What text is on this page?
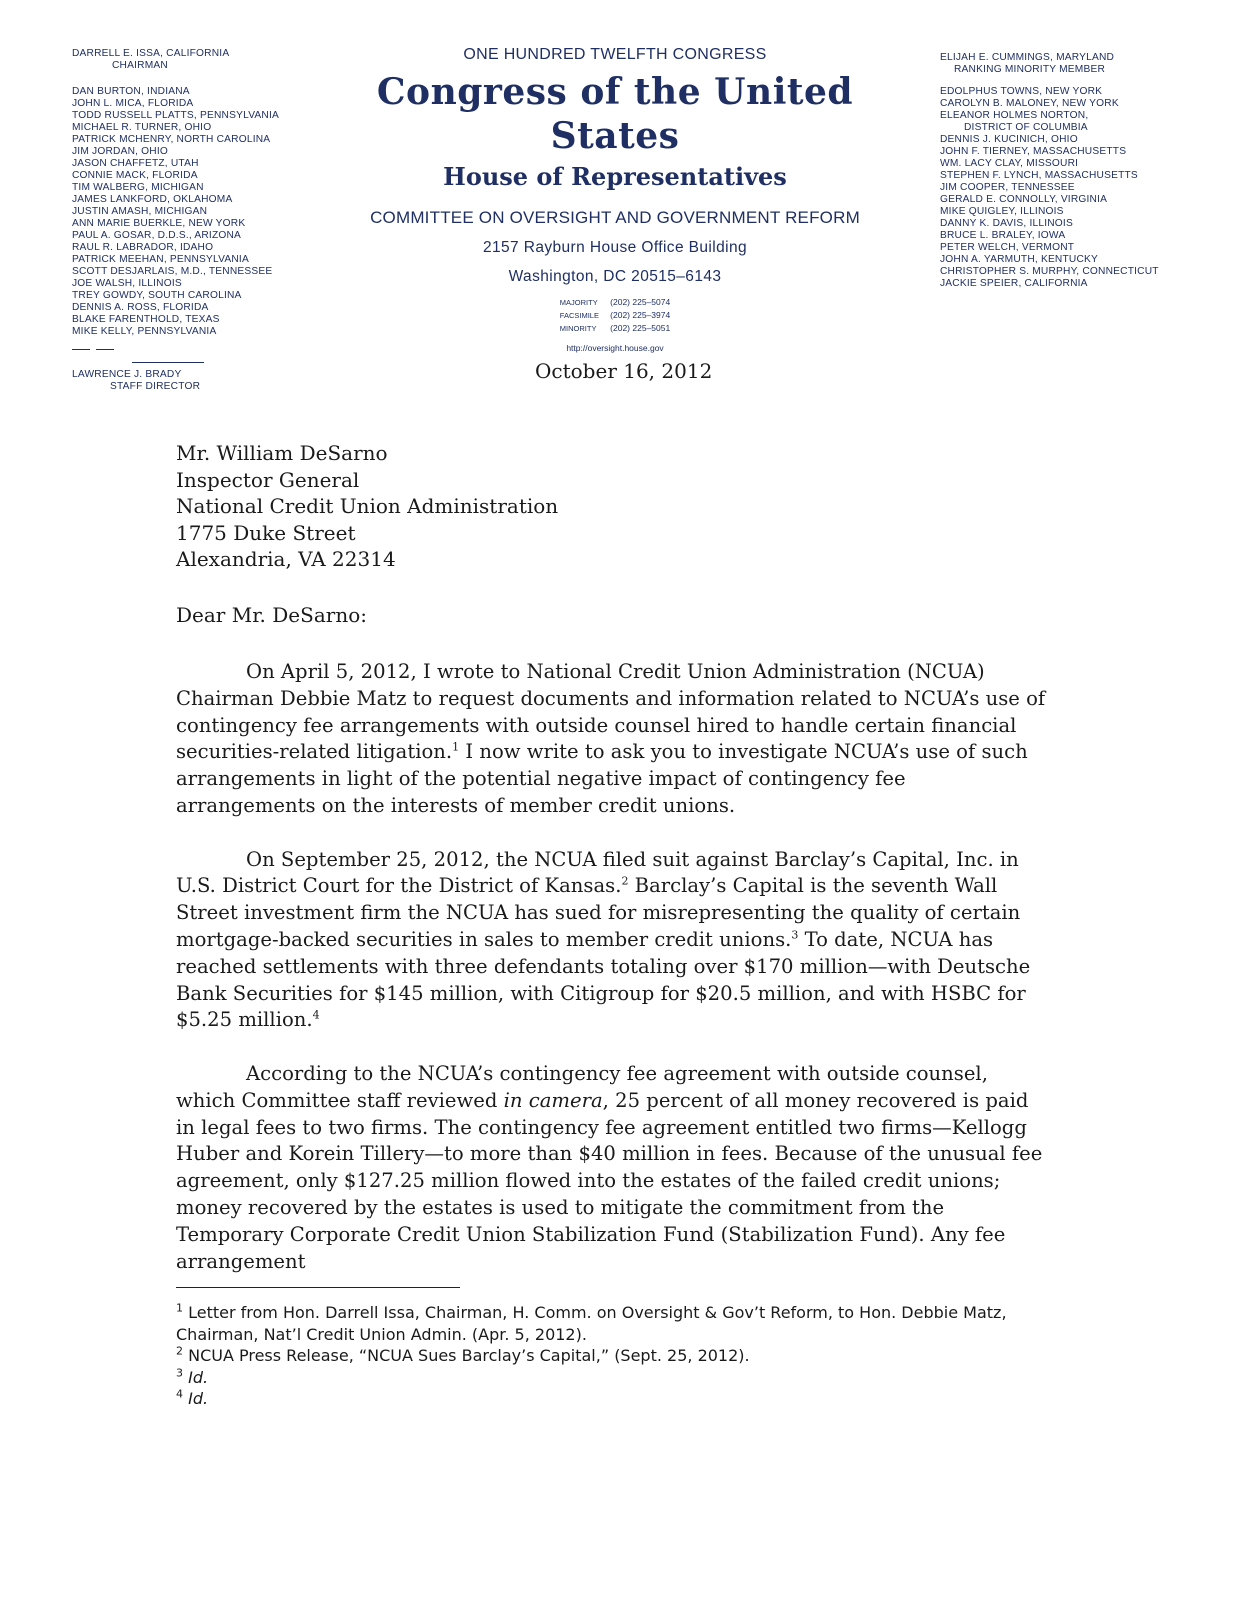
DARRELL E. ISSA, CALIFORNIA
CHAIRMAN
DAN BURTON, INDIANA
JOHN L. MICA, FLORIDA
TODD RUSSELL PLATTS, PENNSYLVANIA
MICHAEL R. TURNER, OHIO
PATRICK MCHENRY, NORTH CAROLINA
JIM JORDAN, OHIO
JASON CHAFFETZ, UTAH
CONNIE MACK, FLORIDA
TIM WALBERG, MICHIGAN
JAMES LANKFORD, OKLAHOMA
JUSTIN AMASH, MICHIGAN
ANN MARIE BUERKLE, NEW YORK
PAUL A. GOSAR, D.D.S., ARIZONA
RAUL R. LABRADOR, IDAHO
PATRICK MEEHAN, PENNSYLVANIA
SCOTT DESJARLAIS, M.D., TENNESSEE
JOE WALSH, ILLINOIS
TREY GOWDY, SOUTH CAROLINA
DENNIS A. ROSS, FLORIDA
BLAKE FARENTHOLD, TEXAS
MIKE KELLY, PENNSYLVANIA
LAWRENCE J. BRADY
STAFF DIRECTOR
ONE HUNDRED TWELFTH CONGRESS
Congress of the United States
House of Representatives
COMMITTEE ON OVERSIGHT AND GOVERNMENT REFORM
2157 Rayburn House Office Building
Washington, DC 20515–6143
MAJORITY (202) 225–5074
FACSIMILE (202) 225–3974
MINORITY (202) 225–5051
http://oversight.house.gov
ELIJAH E. CUMMINGS, MARYLAND
RANKING MINORITY MEMBER
EDOLPHUS TOWNS, NEW YORK
CAROLYN B. MALONEY, NEW YORK
ELEANOR HOLMES NORTON,
DISTRICT OF COLUMBIA
DENNIS J. KUCINICH, OHIO
JOHN F. TIERNEY, MASSACHUSETTS
WM. LACY CLAY, MISSOURI
STEPHEN F. LYNCH, MASSACHUSETTS
JIM COOPER, TENNESSEE
GERALD E. CONNOLLY, VIRGINIA
MIKE QUIGLEY, ILLINOIS
DANNY K. DAVIS, ILLINOIS
BRUCE L. BRALEY, IOWA
PETER WELCH, VERMONT
JOHN A. YARMUTH, KENTUCKY
CHRISTOPHER S. MURPHY, CONNECTICUT
JACKIE SPEIER, CALIFORNIA
October 16, 2012
Mr. William DeSarno
Inspector General
National Credit Union Administration
1775 Duke Street
Alexandria, VA 22314
Dear Mr. DeSarno:

On April 5, 2012, I wrote to National Credit Union Administration (NCUA) Chairman Debbie Matz to request documents and information related to NCUA’s use of contingency fee arrangements with outside counsel hired to handle certain financial securities-related litigation.$^1$ I now write to ask you to investigate NCUA’s use of such arrangements in light of the potential negative impact of contingency fee arrangements on the interests of member credit unions.

On September 25, 2012, the NCUA filed suit against Barclay’s Capital, Inc. in U.S. District Court for the District of Kansas.$^2$ Barclay’s Capital is the seventh Wall Street investment firm the NCUA has sued for misrepresenting the quality of certain mortgage-backed securities in sales to member credit unions.$^3$ To date, NCUA has reached settlements with three defendants totaling over $170 million—with Deutsche Bank Securities for $145 million, with Citigroup for $20.5 million, and with HSBC for $5.25 million.$^4$

According to the NCUA’s contingency fee agreement with outside counsel, which Committee staff reviewed in camera, 25 percent of all money recovered is paid in legal fees to two firms. The contingency fee agreement entitled two firms—Kellogg Huber and Korein Tillery—to more than $40 million in fees. Because of the unusual fee agreement, only $127.25 million flowed into the estates of the failed credit unions; money recovered by the estates is used to mitigate the commitment from the Temporary Corporate Credit Union Stabilization Fund (Stabilization Fund). Any fee arrangement

$^1$ Letter from Hon. Darrell Issa, Chairman, H. Comm. on Oversight & Gov’t Reform, to Hon. Debbie Matz, Chairman, Nat’l Credit Union Admin. (Apr. 5, 2012).
$^2$ NCUA Press Release, “NCUA Sues Barclay’s Capital,” (Sept. 25, 2012).
$^3$ Id.
$^4$ Id.
